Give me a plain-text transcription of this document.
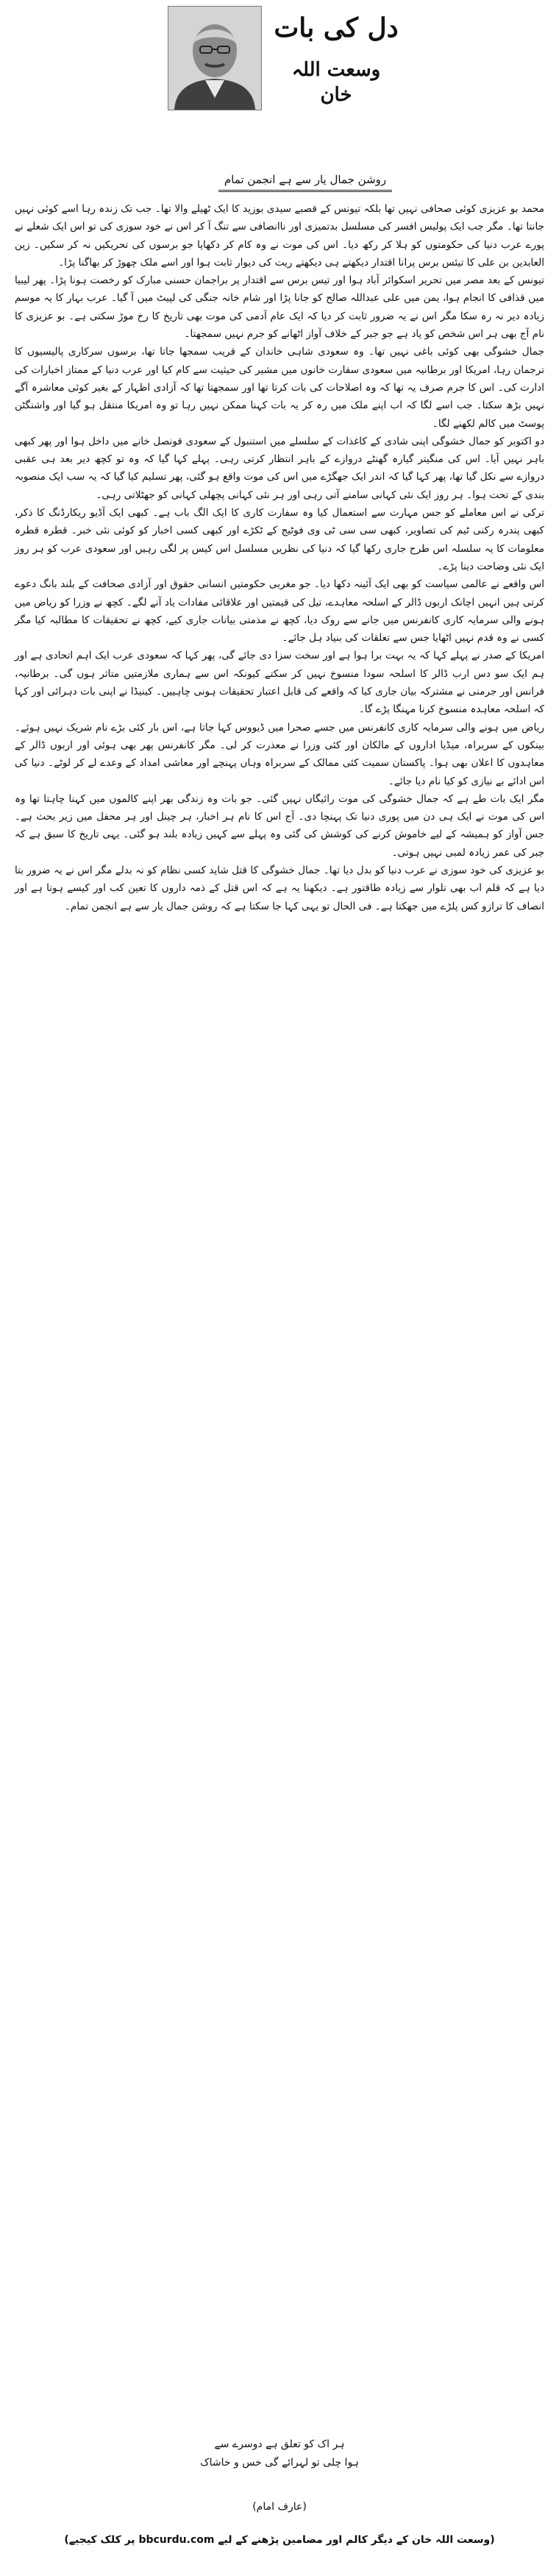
دل کی بات
وسعت اللہ خان
روشن جمال یار سے ہے انجمن تمام

محمد بو عزیزی کوئی صحافی نہیں تھا بلکہ تیونس کے قصبے سیدی بوزید کا ایک ٹھیلے والا تھا۔ جب تک زندہ رہا اسے کوئی نہیں جانتا تھا۔ مگر جب ایک پولیس افسر کی مسلسل بدتمیزی اور ناانصافی سے تنگ آ کر اس نے خود سوزی کی تو اس ایک شعلے نے پورے عرب دنیا کی حکومتوں کو ہلا کر رکھ دیا۔ اس کی موت نے وہ کام کر دکھایا جو برسوں کی تحریکیں نہ کر سکیں۔ زین العابدین بن علی کا تیئس برس پرانا اقتدار دیکھتے ہی دیکھتے ریت کی دیوار ثابت ہوا اور اسے ملک چھوڑ کر بھاگنا پڑا۔

تیونس کے بعد مصر میں تحریر اسکوائر آباد ہوا اور تیس برس سے اقتدار پر براجمان حسنی مبارک کو رخصت ہونا پڑا۔ پھر لیبیا میں قذافی کا انجام ہوا، یمن میں علی عبداللہ صالح کو جانا پڑا اور شام خانہ جنگی کی لپیٹ میں آ گیا۔ عرب بہار کا یہ موسم زیادہ دیر نہ رہ سکا مگر اس نے یہ ضرور ثابت کر دیا کہ ایک عام آدمی کی موت بھی تاریخ کا رخ موڑ سکتی ہے۔ بو عزیزی کا نام آج بھی ہر اس شخص کو یاد ہے جو جبر کے خلاف آواز اٹھانے کو جرم نہیں سمجھتا۔

جمال خشوگی بھی کوئی باغی نہیں تھا۔ وہ سعودی شاہی خاندان کے قریب سمجھا جاتا تھا، برسوں سرکاری پالیسیوں کا ترجمان رہا، امریکا اور برطانیہ میں سعودی سفارت خانوں میں مشیر کی حیثیت سے کام کیا اور عرب دنیا کے ممتاز اخبارات کی ادارت کی۔ اس کا جرم صرف یہ تھا کہ وہ اصلاحات کی بات کرتا تھا اور سمجھتا تھا کہ آزادی اظہار کے بغیر کوئی معاشرہ آگے نہیں بڑھ سکتا۔ جب اسے لگا کہ اب اپنے ملک میں رہ کر یہ بات کہنا ممکن نہیں رہا تو وہ امریکا منتقل ہو گیا اور واشنگٹن پوسٹ میں کالم لکھنے لگا۔

دو اکتوبر کو جمال خشوگی اپنی شادی کے کاغذات کے سلسلے میں استنبول کے سعودی قونصل خانے میں داخل ہوا اور پھر کبھی باہر نہیں آیا۔ اس کی منگیتر گیارہ گھنٹے دروازے کے باہر انتظار کرتی رہی۔ پہلے کہا گیا کہ وہ تو کچھ دیر بعد ہی عقبی دروازے سے نکل گیا تھا، پھر کہا گیا کہ اندر ایک جھگڑے میں اس کی موت واقع ہو گئی، پھر تسلیم کیا گیا کہ یہ سب ایک منصوبہ بندی کے تحت ہوا۔ ہر روز ایک نئی کہانی سامنے آتی رہی اور ہر نئی کہانی پچھلی کہانی کو جھٹلاتی رہی۔

ترکی نے اس معاملے کو جس مہارت سے استعمال کیا وہ سفارت کاری کا ایک الگ باب ہے۔ کبھی ایک آڈیو ریکارڈنگ کا ذکر، کبھی پندرہ رکنی ٹیم کی تصاویر، کبھی سی سی ٹی وی فوٹیج کے ٹکڑے اور کبھی کسی اخبار کو کوئی نئی خبر۔ قطرہ قطرہ معلومات کا یہ سلسلہ اس طرح جاری رکھا گیا کہ دنیا کی نظریں مسلسل اس کیس پر لگی رہیں اور سعودی عرب کو ہر روز ایک نئی وضاحت دینا پڑے۔

اس واقعے نے عالمی سیاست کو بھی ایک آئینہ دکھا دیا۔ جو مغربی حکومتیں انسانی حقوق اور آزادی صحافت کے بلند بانگ دعوے کرتی ہیں انہیں اچانک اربوں ڈالر کے اسلحہ معاہدے، تیل کی قیمتیں اور علاقائی مفادات یاد آنے لگے۔ کچھ نے وزرا کو ریاض میں ہونے والی سرمایہ کاری کانفرنس میں جانے سے روک دیا، کچھ نے مذمتی بیانات جاری کیے، کچھ نے تحقیقات کا مطالبہ کیا مگر کسی نے وہ قدم نہیں اٹھایا جس سے تعلقات کی بنیاد ہل جائے۔

امریکا کے صدر نے پہلے کہا کہ یہ بہت برا ہوا ہے اور سخت سزا دی جائے گی، پھر کہا کہ سعودی عرب ایک اہم اتحادی ہے اور ہم ایک سو دس ارب ڈالر کا اسلحہ سودا منسوخ نہیں کر سکتے کیونکہ اس سے ہماری ملازمتیں متاثر ہوں گی۔ برطانیہ، فرانس اور جرمنی نے مشترکہ بیان جاری کیا کہ واقعے کی قابل اعتبار تحقیقات ہونی چاہییں۔ کینیڈا نے اپنی بات دہرائی اور کہا کہ اسلحہ معاہدہ منسوخ کرنا مہنگا پڑے گا۔

ریاض میں ہونے والی سرمایہ کاری کانفرنس میں جسے صحرا میں ڈیووس کہا جاتا ہے، اس بار کئی بڑے نام شریک نہیں ہوئے۔ بینکوں کے سربراہ، میڈیا اداروں کے مالکان اور کئی وزرا نے معذرت کر لی۔ مگر کانفرنس پھر بھی ہوئی اور اربوں ڈالر کے معاہدوں کا اعلان بھی ہوا۔ پاکستان سمیت کئی ممالک کے سربراہ وہاں پہنچے اور معاشی امداد کے وعدے لے کر لوٹے۔ دنیا کی اس ادائے بے نیازی کو کیا نام دیا جائے۔

مگر ایک بات طے ہے کہ جمال خشوگی کی موت رائیگاں نہیں گئی۔ جو بات وہ زندگی بھر اپنے کالموں میں کہنا چاہتا تھا وہ اس کی موت نے ایک ہی دن میں پوری دنیا تک پہنچا دی۔ آج اس کا نام ہر اخبار، ہر چینل اور ہر محفل میں زیر بحث ہے۔ جس آواز کو ہمیشہ کے لیے خاموش کرنے کی کوشش کی گئی وہ پہلے سے کہیں زیادہ بلند ہو گئی۔ یہی تاریخ کا سبق ہے کہ جبر کی عمر زیادہ لمبی نہیں ہوتی۔

بو عزیزی کی خود سوزی نے عرب دنیا کو بدل دیا تھا۔ جمال خشوگی کا قتل شاید کسی نظام کو نہ بدلے مگر اس نے یہ ضرور بتا دیا ہے کہ قلم اب بھی تلوار سے زیادہ طاقتور ہے۔ دیکھنا یہ ہے کہ اس قتل کے ذمہ داروں کا تعین کب اور کیسے ہوتا ہے اور انصاف کا ترازو کس پلڑے میں جھکتا ہے۔ فی الحال تو یہی کہا جا سکتا ہے کہ روشن جمال یار سے ہے انجمن تمام۔

ہر اک کو تعلق ہے دوسرے سے
ہوا چلی تو لہرائے گی خس و خاشاک
(عارف امام)
(وسعت اللہ خان کے دیگر کالم اور مضامین پڑھنے کے لیے bbcurdu.com پر کلک کیجیے)
